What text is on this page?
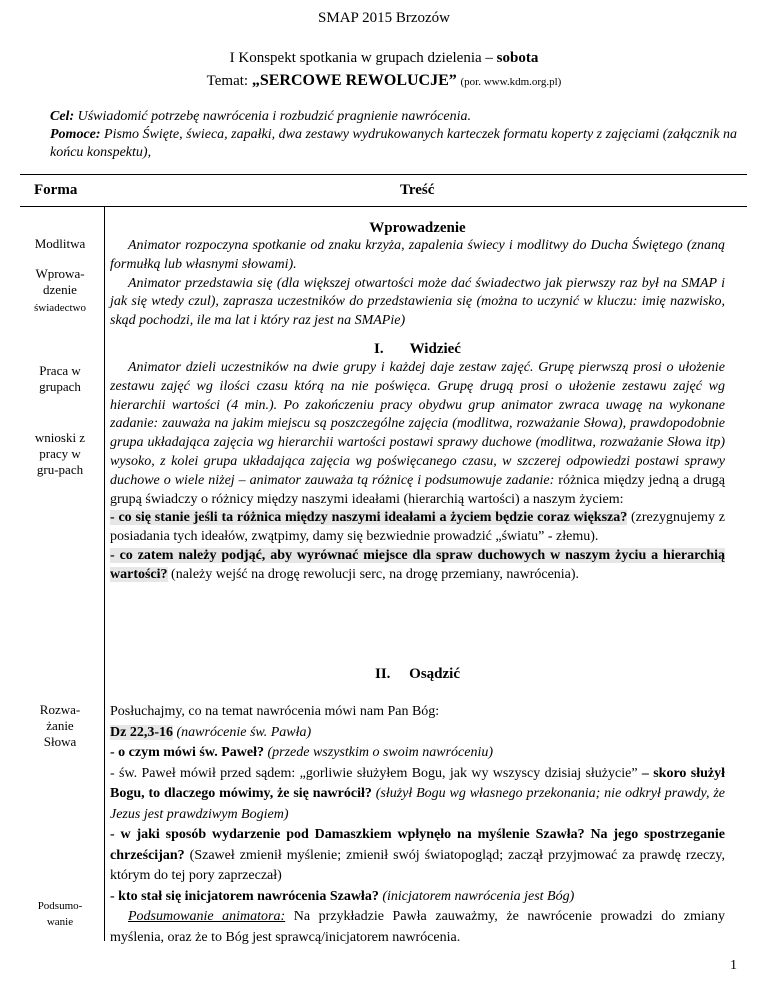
SMAP 2015 Brzozów
I Konspekt spotkania w grupach dzielenia – sobota
Temat: „SERCOWE REWOLUCJE” (por. www.kdm.org.pl)
Cel: Uświadomić potrzebę nawrócenia i rozbudzić pragnienie nawrócenia.
Pomoce: Pismo Święte, świeca, zapałki, dwa zestawy wydrukowanych karteczek formatu koperty z zajęciami (załącznik na końcu konspektu),
Forma	Treść
Modlitwa
Wprowa-dzenie
świadectwo
Praca w grupach
wnioski z pracy w gru-pach
Rozwa-żanie Słowa
Podsumo-wanie
Wprowadzenie
Animator rozpoczyna spotkanie od znaku krzyża, zapalenia świecy i modlitwy do Ducha Świętego (znaną formułką lub własnymi słowami).
Animator przedstawia się (dla większej otwartości może dać świadectwo jak pierwszy raz był na SMAP i jak się wtedy czul), zaprasza uczestników do przedstawienia się (można to uczynić w kluczu: imię nazwisko, skąd pochodzi, ile ma lat i który raz jest na SMAPie)
I.       Widzieć
Animator dzieli uczestników na dwie grupy i każdej daje zestaw zajęć. Grupę pierwszą prosi o ułożenie zestawu zajęć wg ilości czasu którą na nie poświęca. Grupę drugą prosi o ułożenie zestawu zajęć wg hierarchii wartości (4 min.). Po zakończeniu pracy obydwu grup animator zwraca uwagę na wykonane zadanie: zauważa na jakim miejscu są poszczególne zajęcia (modlitwa, rozważanie Słowa), prawdopodobnie grupa układająca zajęcia wg hierarchii wartości postawi sprawy duchowe (modlitwa, rozważanie Słowa itp) wysoko, z kolei grupa układająca zajęcia wg poświęcanego czasu, w szczerej odpowiedzi postawi sprawy duchowe o wiele niżej – animator zauważa tą różnicę i podsumowuje zadanie: różnica między jedną a drugą grupą świadczy o różnicy między naszymi ideałami (hierarchią wartości) a naszym życiem:
- co się stanie jeśli ta różnica między naszymi ideałami a życiem będzie coraz większa? (zrezygnujemy z posiadania tych ideałów, zwątpimy, damy się bezwiednie prowadzić „światu” - złemu).
- co zatem należy podjąć, aby wyrównać miejsce dla spraw duchowych w naszym życiu a hierarchią wartości? (należy wejść na drogę rewolucji serc, na drogę przemiany, nawrócenia).
II.     Osądzić
Posłuchajmy, co na temat nawrócenia mówi nam Pan Bóg:
Dz 22,3-16 (nawrócenie św. Pawła)
- o czym mówi św. Paweł? (przede wszystkim o swoim nawróceniu)
- św. Paweł mówił przed sądem: „gorliwie służyłem Bogu, jak wy wszyscy dzisiaj służycie” – skoro służył Bogu, to dlaczego mówimy, że się nawrócił? (służył Bogu wg własnego przekonania; nie odkrył prawdy, że Jezus jest prawdziwym Bogiem)
- w jaki sposób wydarzenie pod Damaszkiem wpłynęło na myślenie Szawła? Na jego spostrzeganie chrześcijan? (Szaweł zmienił myślenie; zmienił swój światopogląd; zaczął przyjmować za prawdę rzeczy, którym do tej pory zaprzeczał)
- kto stał się inicjatorem nawrócenia Szawła? (inicjatorem nawrócenia jest Bóg)
Podsumowanie animatora: Na przykładzie Pawła zauważmy, że nawrócenie prowadzi do zmiany myślenia, oraz że to Bóg jest sprawcą/inicjatorem nawrócenia.
1
